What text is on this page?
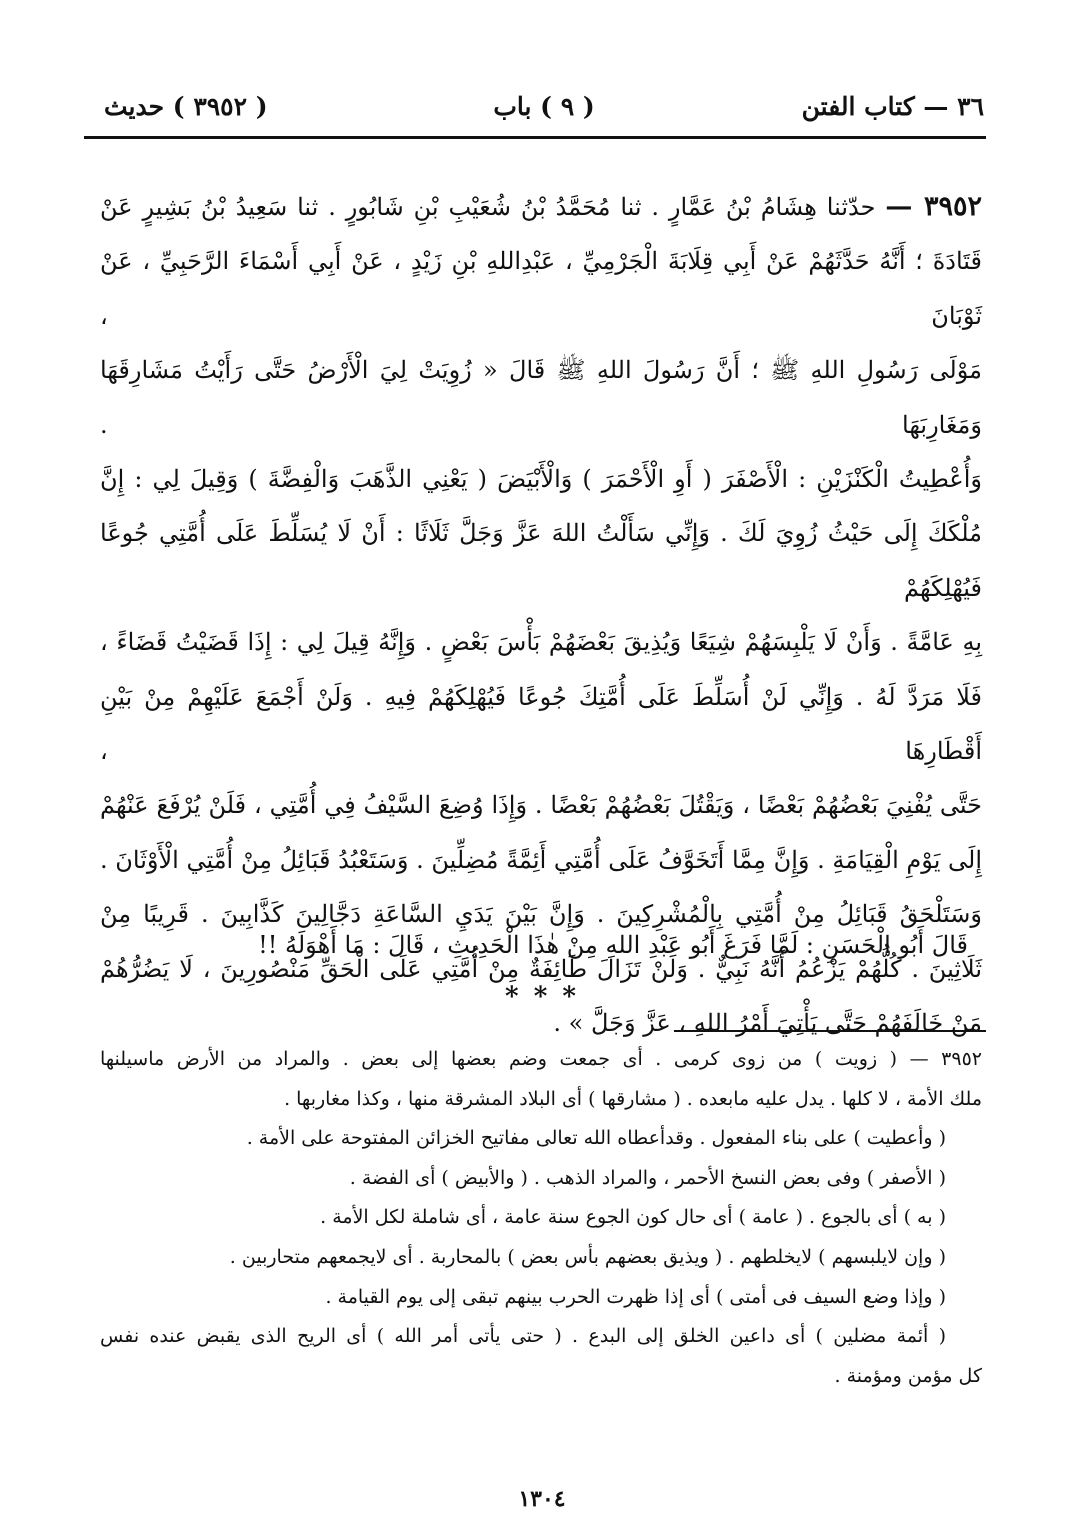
٣٦ — كتاب الفتن
( ٩ ) باب
( ٣٩٥٢ ) حديث

٣٩٥٢ — حدّثنا هِشَامُ بْنُ عَمَّارٍ . ثنا مُحَمَّدُ بْنُ شُعَيْبِ بْنِ شَابُورٍ . ثنا سَعِيدُ بْنُ بَشِيرٍ عَنْ

قَتَادَةَ ؛ أَنَّهُ حَدَّثَهُمْ عَنْ أَبِي قِلَابَةَ الْجَرْمِيِّ ، عَبْدِاللهِ بْنِ زَيْدٍ ، عَنْ أَبِي أَسْمَاءَ الرَّحَبِيِّ ، عَنْ ثَوْبَانَ ،

مَوْلَى رَسُولِ اللهِ ﷺ ؛ أَنَّ رَسُولَ اللهِ ﷺ قَالَ « زُوِيَتْ لِيَ الْأَرْضُ حَتَّى رَأَيْتُ مَشَارِقَهَا وَمَغَارِبَهَا .

وَأُعْطِيتُ الْكَنْزَيْنِ : الْأَصْفَرَ ( أَوِ الْأَحْمَرَ ) وَالْأَبْيَضَ ( يَعْنِي الذَّهَبَ وَالْفِضَّةَ ) وَقِيلَ لِي : إِنَّ

مُلْكَكَ إِلَى حَيْثُ زُوِيَ لَكَ . وَإِنِّي سَأَلْتُ اللهَ عَزَّ وَجَلَّ ثَلَاثًا : أَنْ لَا يُسَلِّطَ عَلَى أُمَّتِي جُوعًا فَيُهْلِكَهُمْ

بِهِ عَامَّةً . وَأَنْ لَا يَلْبِسَهُمْ شِيَعًا وَيُذِيقَ بَعْضَهُمْ بَأْسَ بَعْضٍ . وَإِنَّهُ قِيلَ لِي : إِذَا قَضَيْتُ قَضَاءً ،

فَلَا مَرَدَّ لَهُ . وَإِنِّي لَنْ أُسَلِّطَ عَلَى أُمَّتِكَ جُوعًا فَيُهْلِكَهُمْ فِيهِ . وَلَنْ أَجْمَعَ عَلَيْهِمْ مِنْ بَيْنِ أَقْطَارِهَا ،

حَتَّى يُفْنِيَ بَعْضُهُمْ بَعْضًا ، وَيَقْتُلَ بَعْضُهُمْ بَعْضًا . وَإِذَا وُضِعَ السَّيْفُ فِي أُمَّتِي ، فَلَنْ يُرْفَعَ عَنْهُمْ

إِلَى يَوْمِ الْقِيَامَةِ . وَإِنَّ مِمَّا أَتَخَوَّفُ عَلَى أُمَّتِي أَئِمَّةً مُضِلِّينَ . وَسَتَعْبُدُ قَبَائِلُ مِنْ أُمَّتِي الْأَوْثَانَ .

وَسَتَلْحَقُ قَبَائِلُ مِنْ أُمَّتِي بِالْمُشْرِكِينَ . وَإِنَّ بَيْنَ يَدَيِ السَّاعَةِ دَجَّالِينَ كَذَّابِينَ . قَرِيبًا مِنْ

ثَلَاثِينَ . كُلُّهُمْ يَزْعُمُ أَنَّهُ نَبِيٌّ . وَلَنْ تَزَالَ طَائِفَةٌ مِنْ أُمَّتِي عَلَى الْحَقِّ مَنْصُورِينَ ، لَا يَضُرُّهُمْ

مَنْ خَالَفَهُمْ حَتَّى يَأْتِيَ أَمْرُ اللهِ ، عَزَّ وَجَلَّ » .

قَالَ أَبُو الْحَسَنِ : لَمَّا فَرَغَ أَبُو عَبْدِ اللهِ مِنْ هٰذَا الْحَدِيثِ ، قَالَ : مَا أَهْوَلَهُ !!
* * *

٣٩٥٢ — ( زويت ) من زوى كرمى . أى جمعت وضم بعضها إلى بعض . والمراد من الأرض ماسيلنها

ملك الأمة ، لا كلها . يدل عليه مابعده . ( مشارقها ) أى البلاد المشرقة منها ، وكذا مغاربها .

( وأعطيت ) على بناء المفعول . وقدأعطاه الله تعالى مفاتيح الخزائن المفتوحة على الأمة .

( الأصفر ) وفى بعض النسخ الأحمر ، والمراد الذهب . ( والأبيض ) أى الفضة .

( به ) أى بالجوع . ( عامة ) أى حال كون الجوع سنة عامة ، أى شاملة لكل الأمة .

( وإن لايلبسهم ) لايخلطهم . ( ويذيق بعضهم بأس بعض ) بالمحاربة . أى لايجمعهم متحاربين .

( وإذا وضع السيف فى أمتى ) أى إذا ظهرت الحرب بينهم تبقى إلى يوم القيامة .

( أئمة مضلين ) أى داعين الخلق إلى البدع . ( حتى يأتى أمر الله ) أى الريح الذى يقبض عنده نفس

كل مؤمن ومؤمنة .

١٣٠٤
